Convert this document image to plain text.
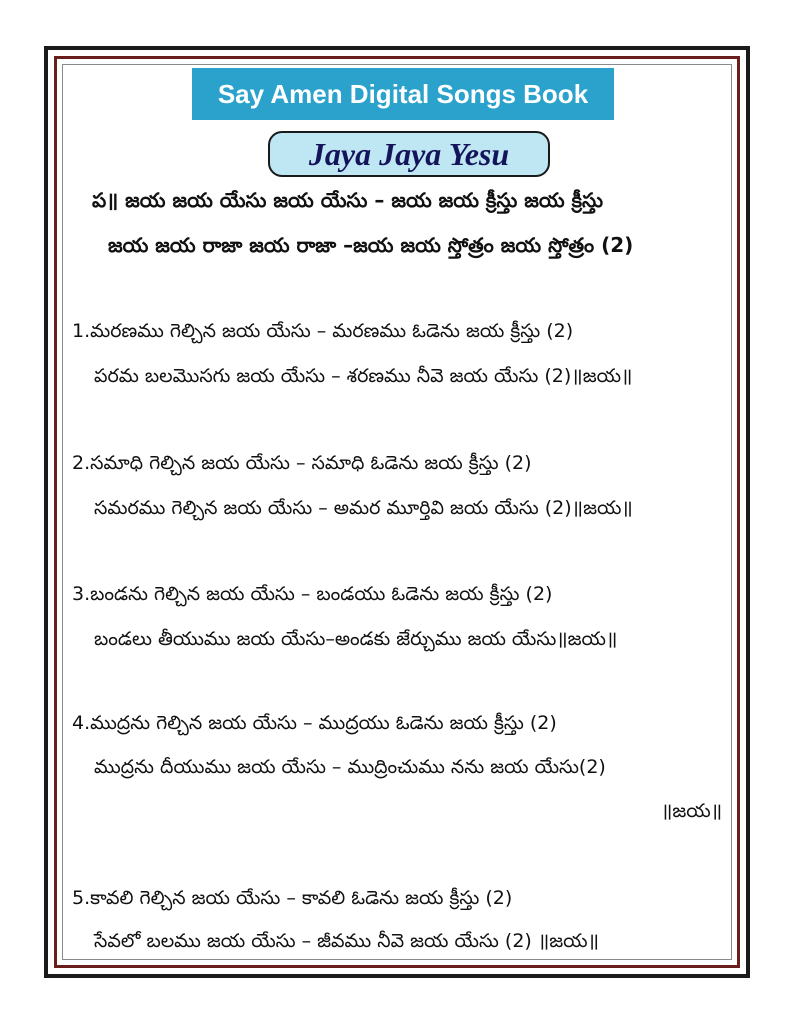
Say Amen Digital Songs Book
Jaya Jaya Yesu
ప॥ జయ జయ యేసు జయ యేసు – జయ జయ క్రీస్తు జయ క్రీస్తు
జయ జయ రాజా జయ రాజా –జయ జయ స్తోత్రం జయ స్తోత్రం (2)
1.మరణము గెల్చిన జయ యేసు – మరణము ఓడెను జయ క్రీస్తు (2)
పరమ బలమొసగు జయ యేసు – శరణము నీవె జయ యేసు (2)॥జయ॥
2.సమాధి గెల్చిన జయ యేసు – సమాధి ఓడెను జయ క్రీస్తు (2)
సమరము గెల్చిన జయ యేసు – అమర మూర్తివి జయ యేసు (2)॥జయ॥
3.బండను గెల్చిన జయ యేసు – బండయు ఓడెను జయ క్రీస్తు (2)
బండలు తీయుము జయ యేసు–అండకు జేర్చుము జయ యేసు॥జయ॥
4.ముద్రను గెల్చిన జయ యేసు – ముద్రయు ఓడెను జయ క్రీస్తు (2)
ముద్రను దీయుము జయ యేసు – ముద్రించుము నను జయ యేసు(2)
॥జయ॥
5.కావలి గెల్చిన జయ యేసు – కావలి ఓడెను జయ క్రీస్తు (2)
సేవలో బలము జయ యేసు – జీవము నీవె జయ యేసు (2) ॥జయ॥
